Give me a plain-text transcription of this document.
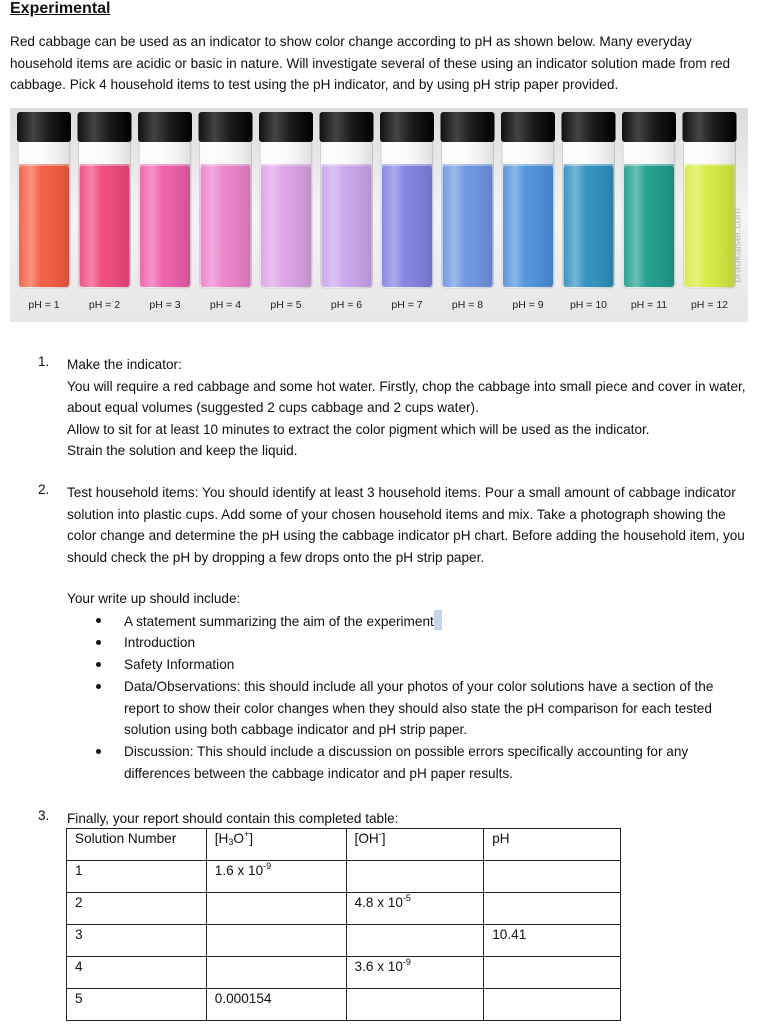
Experimental
Red cabbage can be used as an indicator to show color change according to pH as shown below. Many everyday household items are acidic or basic in nature. Will investigate several of these using an indicator solution made from red cabbage. Pick 4 household items to test using the pH indicator, and by using pH strip paper provided.
pH = 1	pH = 2	pH = 3	pH = 4	pH = 5	pH = 6	pH = 7	pH = 8	pH = 9	pH = 10 pH = 11 pH = 12
braukaiser.com
1. Make the indicator:

You will require a red cabbage and some hot water. Firstly, chop the cabbage into small piece and cover in water, about equal volumes (suggested 2 cups cabbage and 2 cups water).

Allow to sit for at least 10 minutes to extract the color pigment which will be used as the indicator.

Strain the solution and keep the liquid.

2. Test household items: You should identify at least 3 household items. Pour a small amount of cabbage indicator solution into plastic cups. Add some of your chosen household items and mix. Take a photograph showing the color change and determine the pH using the cabbage indicator pH chart. Before adding the household item, you should check the pH by dropping a few drops onto the pH strip paper.

Your write up should include:

A statement summarizing the aim of the experiment
Introduction
Safety Information
Data/Observations: this should include all your photos of your color solutions have a section of the report to show their color changes when they should also state the pH comparison for each tested solution using both cabbage indicator and pH strip paper.
Discussion: This should include a discussion on possible errors specifically accounting for any differences between the cabbage indicator and pH paper results.
3. Finally, your report should contain this completed table:
Solution Number	$[H_3O^+]$	[OH-]	pH
1	1.6 x $10^{-9}$		
2		4.8 x $10^{-5}$	
3			10.41
4		3.6 x $10^{-9}$	
5	0.000154		
